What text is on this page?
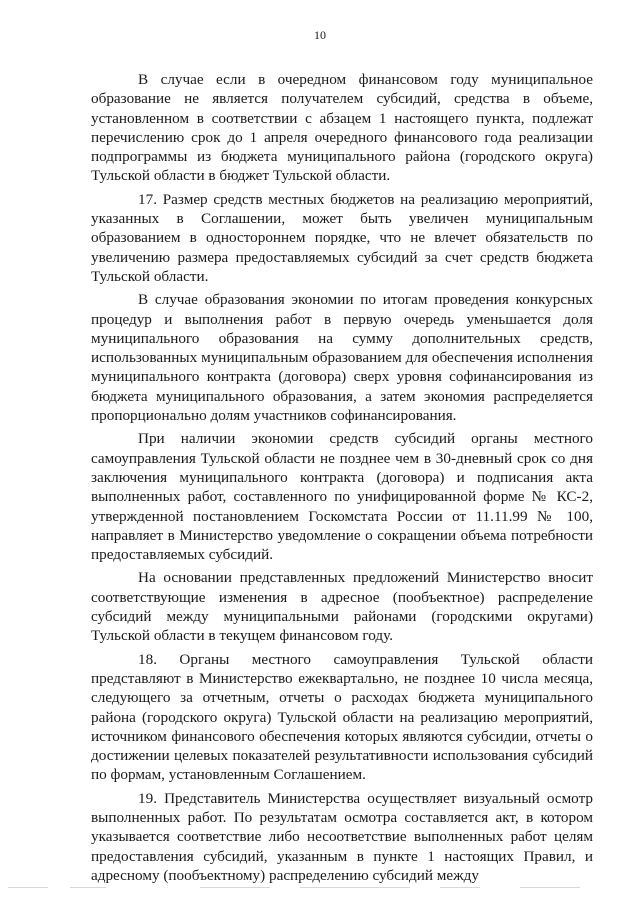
10

В случае если в очередном финансовом году муниципальное образование не является получателем субсидий, средства в объеме, установленном в соответствии с абзацем 1 настоящего пункта, подлежат перечислению срок до 1 апреля очередного финансового года реализации подпрограммы из бюджета муниципального района (городского округа) Тульской области в бюджет Тульской области.

17. Размер средств местных бюджетов на реализацию мероприятий, указанных в Соглашении, может быть увеличен муниципальным образованием в одностороннем порядке, что не влечет обязательств по увеличению размера предоставляемых субсидий за счет средств бюджета Тульской области.

В случае образования экономии по итогам проведения конкурсных процедур и выполнения работ в первую очередь уменьшается доля муниципального образования на сумму дополнительных средств, использованных муниципальным образованием для обеспечения исполнения муниципального контракта (договора) сверх уровня софинансирования из бюджета муниципального образования, а затем экономия распределяется пропорционально долям участников софинансирования.

При наличии экономии средств субсидий органы местного самоуправления Тульской области не позднее чем в 30-дневный срок со дня заключения муниципального контракта (договора) и подписания акта выполненных работ, составленного по унифицированной форме № КС-2, утвержденной постановлением Госкомстата России от 11.11.99 № 100, направляет в Министерство уведомление о сокращении объема потребности предоставляемых субсидий.

На основании представленных предложений Министерство вносит соответствующие изменения в адресное (пообъектное) распределение субсидий между муниципальными районами (городскими округами) Тульской области в текущем финансовом году.

18. Органы местного самоуправления Тульской области представляют в Министерство ежеквартально, не позднее 10 числа месяца, следующего за отчетным, отчеты о расходах бюджета муниципального района (городского округа) Тульской области на реализацию мероприятий, источником финансового обеспечения которых являются субсидии, отчеты о достижении целевых показателей результативности использования субсидий по формам, установленным Соглашением.

19. Представитель Министерства осуществляет визуальный осмотр выполненных работ. По результатам осмотра составляется акт, в котором указывается соответствие либо несоответствие выполненных работ целям предоставления субсидий, указанным в пункте 1 настоящих Правил, и адресному (пообъектному) распределению субсидий между
